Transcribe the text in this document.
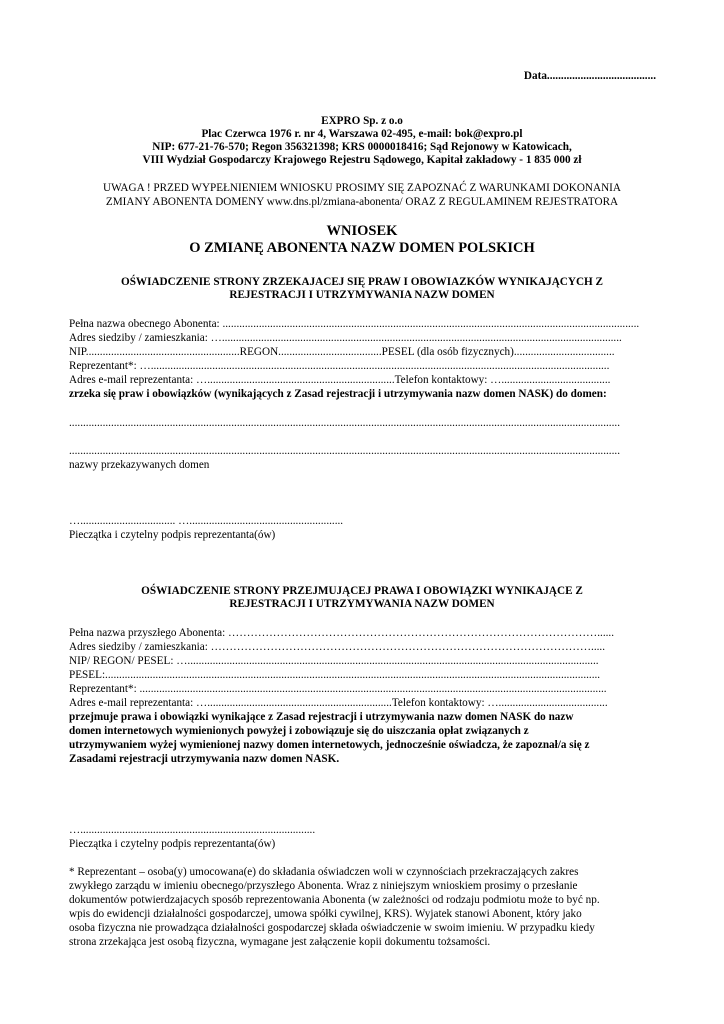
Data.......................................
EXPRO Sp. z o.o
Plac Czerwca 1976 r. nr 4, Warszawa 02-495, e-mail: bok@expro.pl
NIP: 677-21-76-570; Regon 356321398; KRS 0000018416; Sąd Rejonowy w Katowicach,
VIII Wydział Gospodarczy Krajowego Rejestru Sądowego, Kapitał zakładowy - 1 835 000 zł
UWAGA ! PRZED WYPEŁNIENIEM WNIOSKU PROSIMY SIĘ ZAPOZNAĆ Z WARUNKAMI DOKONANIA
ZMIANY ABONENTA DOMENY www.dns.pl/zmiana-abonenta/ ORAZ Z REGULAMINEM REJESTRATORA
WNIOSEK
O ZMIANĘ ABONENTA NAZW DOMEN POLSKICH
OŚWIADCZENIE STRONY ZRZEKAJACEJ SIĘ PRAW I OBOWIAZKÓW WYNIKAJĄCYCH Z
REJESTRACJI I UTRZYMYWANIA NAZW DOMEN
Pełna nazwa obecnego Abonenta: .....................................................................................................................................................
Adres siedziby / zamieszkania: …...............................................................................................................................................
NIP.......................................................REGON.....................................PESEL (dla osób fizycznych)....................................
Reprezentant*: …....................................................................................................................................................................
Adres e-mail reprezentanta: …...................................................................Telefon kontaktowy: ….......................................
zrzeka się praw i obowiązków (wynikających z Zasad rejestracji i utrzymywania nazw domen NASK) do domen:
.....................................................................................................................................................................................................
.....................................................................................................................................................................................................
nazwy przekazywanych domen
….................................. ….......................................................
Pieczątka i czytelny podpis reprezentanta(ów)
OŚWIADCZENIE STRONY PRZEJMUJĄCEJ PRAWA I OBOWIĄZKI WYNIKAJĄCE Z
REJESTRACJI I UTRZYMYWANIA NAZW DOMEN
Pełna nazwa przyszłego Abonenta: ………………………………………………………………………………………......
Adres siedziby / zamieszkania: ………………………………………………………………………………………….....
NIP/ REGON/ PESEL: …...................................................................................................................................................
PESEL:.................................................................................................................................................................................
Reprezentant*: .......................................................................................................................................................................
Adres e-mail reprezentanta: …..................................................................Telefon kontaktowy: ….......................................
przejmuje prawa i obowiązki wynikające z Zasad rejestracji i utrzymywania nazw domen NASK do nazw
domen internetowych wymienionych powyżej i zobowiązuje się do uiszczania opłat związanych z
utrzymywaniem wyżej wymienionej nazwy domen internetowych, jednocześnie oświadcza, że zapoznał/a się z
Zasadami rejestracji utrzymywania nazw domen NASK.
…....................................................................................
Pieczątka i czytelny podpis reprezentanta(ów)
* Reprezentant – osoba(y) umocowana(e) do składania oświadczen woli w czynnościach przekraczających zakres
zwykłego zarządu w imieniu obecnego/przyszłego Abonenta. Wraz z niniejszym wnioskiem prosimy o przesłanie
dokumentów potwierdzajacych sposób reprezentowania Abonenta (w zależności od rodzaju podmiotu może to być np.
wpis do ewidencji działalności gospodarczej, umowa spółki cywilnej, KRS). Wyjatek stanowi Abonent, który jako
osoba fizyczna nie prowadząca działalności gospodarczej składa oświadczenie w swoim imieniu. W przypadku kiedy
strona zrzekająca jest osobą fizyczna, wymagane jest załączenie kopii dokumentu tożsamości.
